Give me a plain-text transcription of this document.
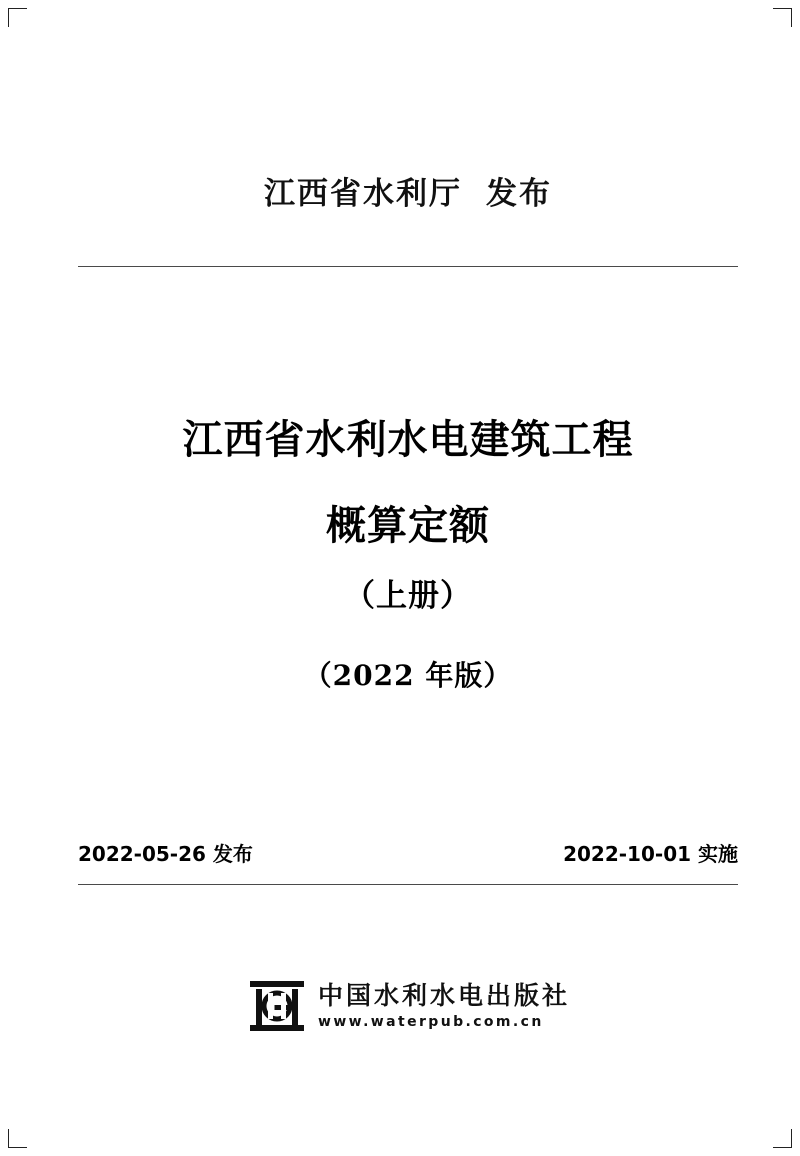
江西省水利厅 发布
江西省水利水电建筑工程
概算定额
（上册）
（2022 年版）
2022-05-26 发布	2022-10-01 实施
中国水利水电出版社
www.waterpub.com.cn
